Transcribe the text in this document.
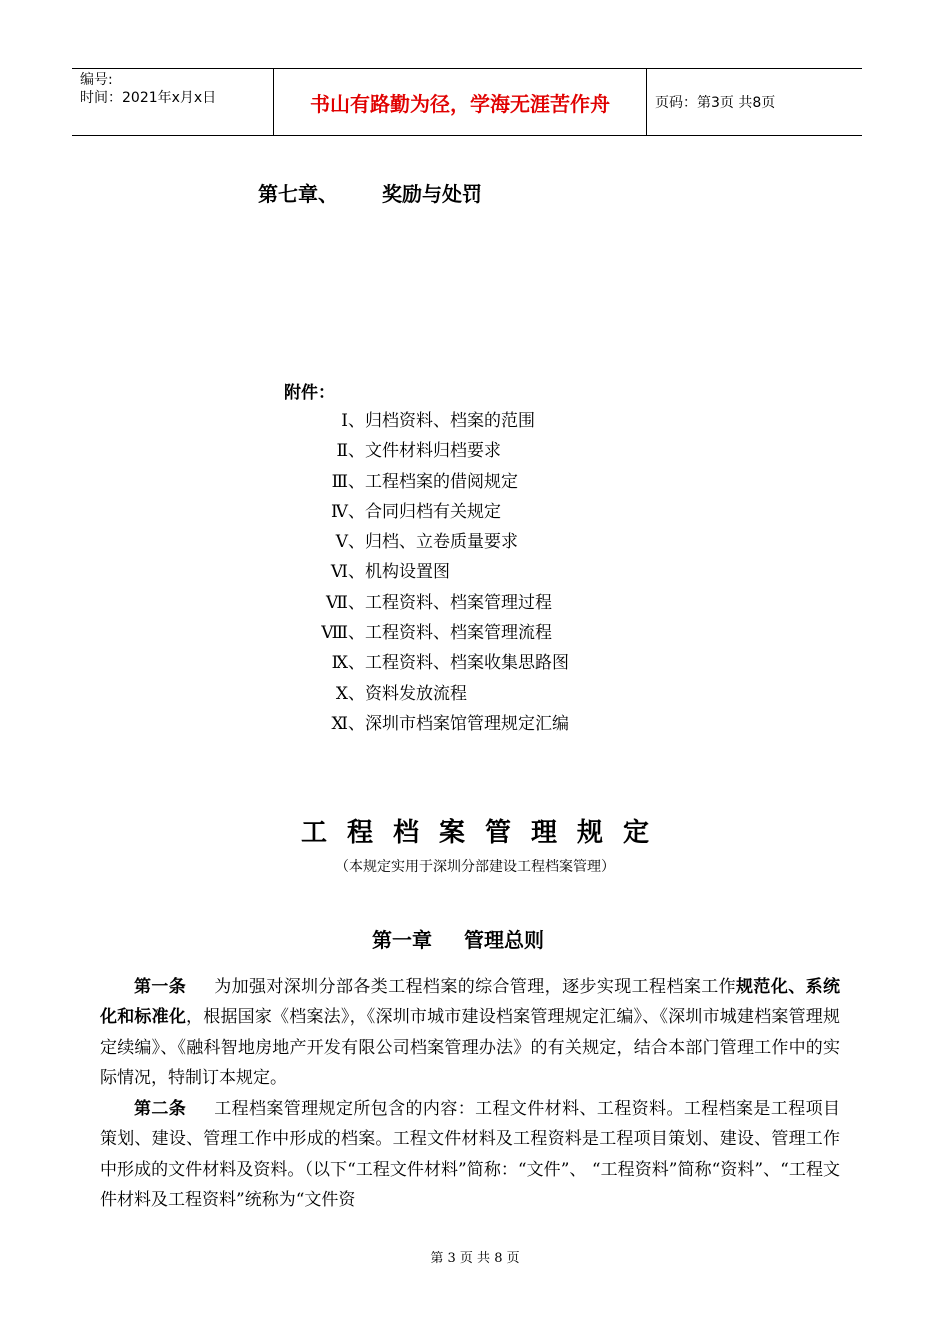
编号:
时间：2021年x月x日	书山有路勤为径，学海无涯苦作舟	页码：第3页 共8页
第七章、 奖励与处罚
附件：
Ⅰ、归档资料、档案的范围
Ⅱ、文件材料归档要求
Ⅲ、工程档案的借阅规定
Ⅳ、合同归档有关规定
Ⅴ、归档、立卷质量要求
Ⅵ、机构设置图
Ⅶ、工程资料、档案管理过程
Ⅷ、工程资料、档案管理流程
Ⅸ、工程资料、档案收集思路图
Ⅹ、资料发放流程
Ⅺ、深圳市档案馆管理规定汇编
工程档案管理规定
（本规定实用于深圳分部建设工程档案管理）
第一章 管理总则

第一条 为加强对深圳分部各类工程档案的综合管理，逐步实现工程档案工作规范化、系统化和标准化，根据国家《档案法》，《深圳市城市建设档案管理规定汇编》、《深圳市城建档案管理规定续编》、《融科智地房地产开发有限公司档案管理办法》的有关规定，结合本部门管理工作中的实际情况，特制订本规定。

第二条 工程档案管理规定所包含的内容：工程文件材料、工程资料。工程档案是工程项目策划、建设、管理工作中形成的档案。工程文件材料及工程资料是工程项目策划、建设、管理工作中形成的文件材料及资料。（以下“工程文件材料”简称：“文件”、 “工程资料”简称“资料”、“工程文件材料及工程资料”统称为“文件资

第 3 页 共 8 页
